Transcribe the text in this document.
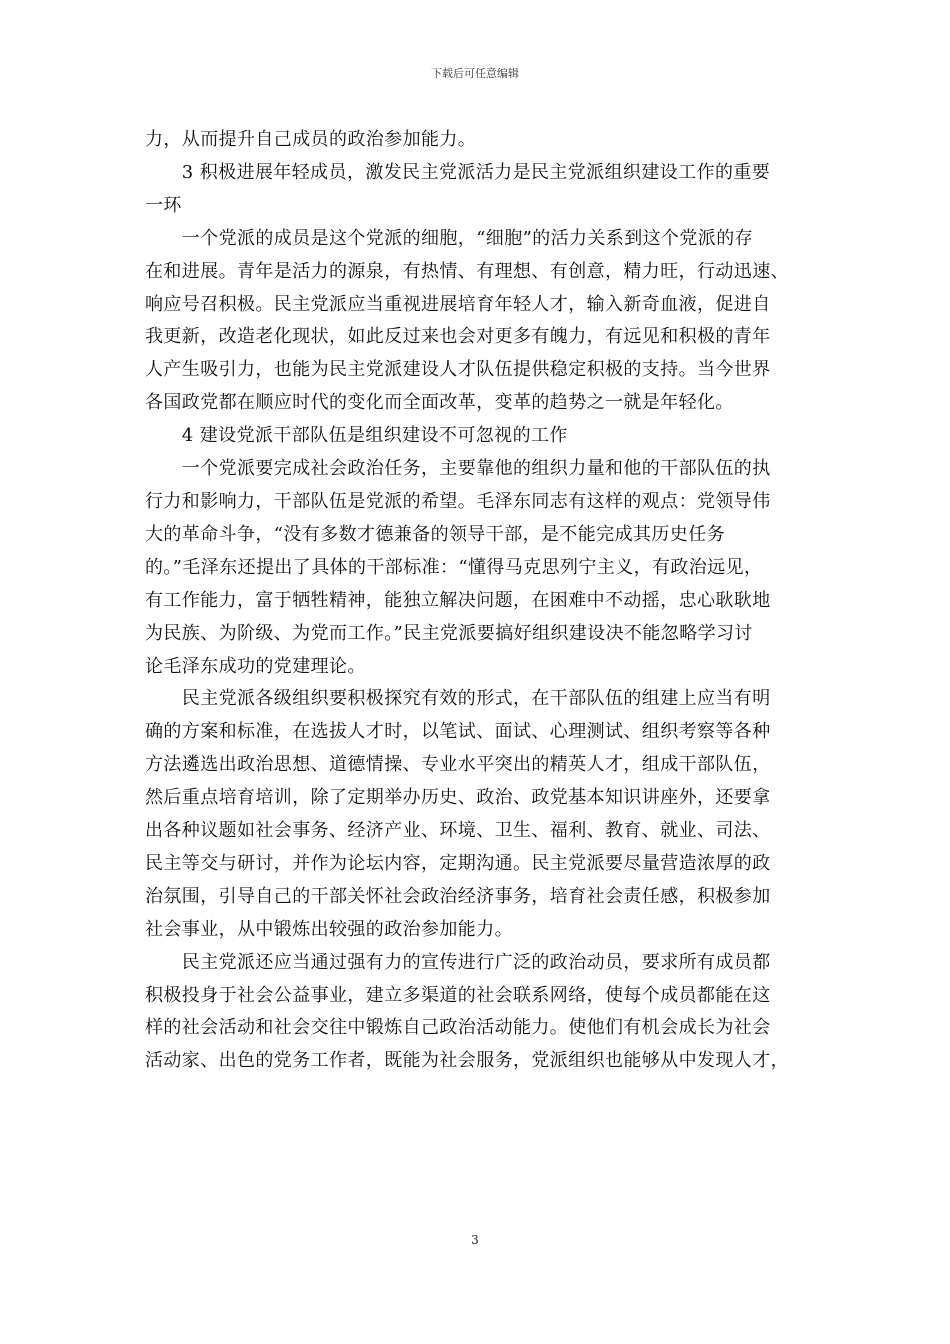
下载后可任意编辑

力，从而提升自己成员的政治参加能力。

　　3 积极进展年轻成员，激发民主党派活力是民主党派组织建设工作的重要
一环

　　一个党派的成员是这个党派的细胞，“细胞”的活力关系到这个党派的存
在和进展。青年是活力的源泉，有热情、有理想、有创意，精力旺，行动迅速、
响应号召积极。民主党派应当重视进展培育年轻人才，输入新奇血液，促进自
我更新，改造老化现状，如此反过来也会对更多有魄力，有远见和积极的青年
人产生吸引力，也能为民主党派建设人才队伍提供稳定积极的支持。当今世界
各国政党都在顺应时代的变化而全面改革，变革的趋势之一就是年轻化。

　　4 建设党派干部队伍是组织建设不可忽视的工作

　　一个党派要完成社会政治任务，主要靠他的组织力量和他的干部队伍的执
行力和影响力，干部队伍是党派的希望。毛泽东同志有这样的观点：党领导伟
大的革命斗争，“没有多数才德兼备的领导干部，是不能完成其历史任务
的。”毛泽东还提出了具体的干部标准：“懂得马克思列宁主义，有政治远见，
有工作能力，富于牺牲精神，能独立解决问题，在困难中不动摇，忠心耿耿地
为民族、为阶级、为党而工作。”民主党派要搞好组织建设决不能忽略学习讨
论毛泽东成功的党建理论。

　　民主党派各级组织要积极探究有效的形式，在干部队伍的组建上应当有明
确的方案和标准，在选拔人才时，以笔试、面试、心理测试、组织考察等各种
方法遴选出政治思想、道德情操、专业水平突出的精英人才，组成干部队伍，
然后重点培育培训，除了定期举办历史、政治、政党基本知识讲座外，还要拿
出各种议题如社会事务、经济产业、环境、卫生、福利、教育、就业、司法、
民主等交与研讨，并作为论坛内容，定期沟通。民主党派要尽量营造浓厚的政
治氛围，引导自己的干部关怀社会政治经济事务，培育社会责任感，积极参加
社会事业，从中锻炼出较强的政治参加能力。

　　民主党派还应当通过强有力的宣传进行广泛的政治动员，要求所有成员都
积极投身于社会公益事业，建立多渠道的社会联系网络，使每个成员都能在这
样的社会活动和社会交往中锻炼自己政治活动能力。使他们有机会成长为社会
活动家、出色的党务工作者，既能为社会服务，党派组织也能够从中发现人才，

3
